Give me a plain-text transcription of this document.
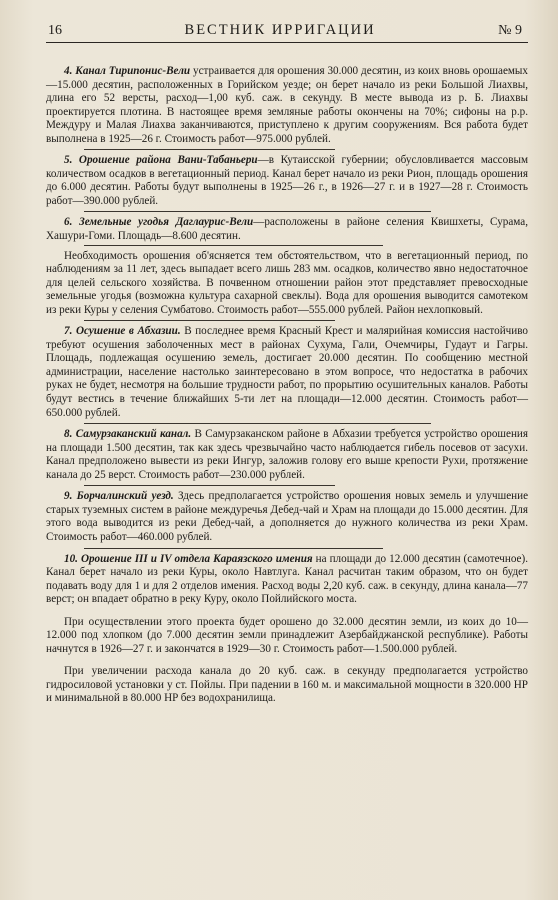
16	ВЕСТНИК ИРРИГАЦИИ	№ 9

4. Канал Тирипонис-Вели устраивается для орошения 30.000 десятин, из коих вновь орошаемых—15.000 десятин, расположенных в Горийском уезде; он берет начало из реки Большой Лиахвы, длина его 52 версты, расход—1,00 куб. саж. в секунду. В месте вывода из р. Б. Лиахвы проектируется плотина. В настоящее время земляные работы окончены на 70%; сифоны на р.р. Междуру и Малая Лиахва заканчиваются, приступлено к другим сооружениям. Вся работа будет выполнена в 1925—26 г. Стоимость работ—975.000 рублей.

5. Орошение района Вани-Табаньери—в Кутаисской губернии; обусловливается массовым количеством осадков в вегетационный период. Канал берет начало из реки Рион, площадь орошения до 6.000 десятин. Работы будут выполнены в 1925—26 г., в 1926—27 г. и в 1927—28 г. Стоимость работ—390.000 рублей.

6. Земельные угодья Даглауриc-Вели—расположены в районе селения Квишхеты, Сурама, Хашури-Гоми. Площадь—8.600 десятин.

Необходимость орошения об'ясняется тем обстоятельством, что в вегетационный период, по наблюдениям за 11 лет, здесь выпадает всего лишь 283 мм. осадков, количество явно недостаточное для целей сельского хозяйства. В почвенном отношении район этот представляет превосходные земельные угодья (возможна культура сахарной свеклы). Вода для орошения выводится самотеком из реки Куры у селения Сумбатово. Стоимость работ—555.000 рублей. Район нехлопковый.

7. Осушение в Абхазии. В последнее время Красный Крест и малярийная комиссия настойчиво требуют осушения заболоченных мест в районах Сухума, Гали, Очемчиры, Гудаут и Гагры. Площадь, подлежащая осушению земель, достигает 20.000 десятин. По сообщению местной администрации, население настолько заинтересовано в этом вопросе, что недостатка в рабочих руках не будет, несмотря на большие трудности работ, по прорытию осушительных каналов. Работы будут вестись в течение ближайших 5-ти лет на площади—12.000 десятин. Стоимость работ—650.000 рублей.

8. Самурзаканский канал. В Самурзаканском районе в Абхазии требуется устройство орошения на площади 1.500 десятин, так как здесь чрезвычайно часто наблюдается гибель посевов от засухи. Канал предположено вывести из реки Ингур, заложив голову его выше крепости Рухи, протяжение канала до 25 верст. Стоимость работ—230.000 рублей.

9. Борчалинский уезд. Здесь предполагается устройство орошения новых земель и улучшение старых туземных систем в районе междуречья Дебед-чай и Храм на площади до 15.000 десятин. Для этого вода выводится из реки Дебед-чай, а дополняется до нужного количества из реки Храм. Стоимость работ—460.000 рублей.

10. Орошение III и IV отдела Караязского имения на площади до 12.000 десятин (самотечное). Канал берет начало из реки Куры, около Навтлуга. Канал расчитан таким образом, что он будет подавать воду для 1 и для 2 отделов имения. Расход воды 2,20 куб. саж. в секунду, длина канала—77 верст; он впадает обратно в реку Куру, около Пойлийского моста.

При осуществлении этого проекта будет орошено до 32.000 десятин земли, из коих до 10—12.000 под хлопком (до 7.000 десятин земли принадлежит Азербайджанской республике). Работы начнутся в 1926—27 г. и закончатся в 1929—30 г. Стоимость работ—1.500.000 рублей.

При увеличении расхода канала до 20 куб. саж. в секунду предполагается устройство гидросиловой установки у ст. Пойлы. При падении в 160 м. и максимальной мощности в 320.000 HP и минимальной в 80.000 HP без водохранилища.
